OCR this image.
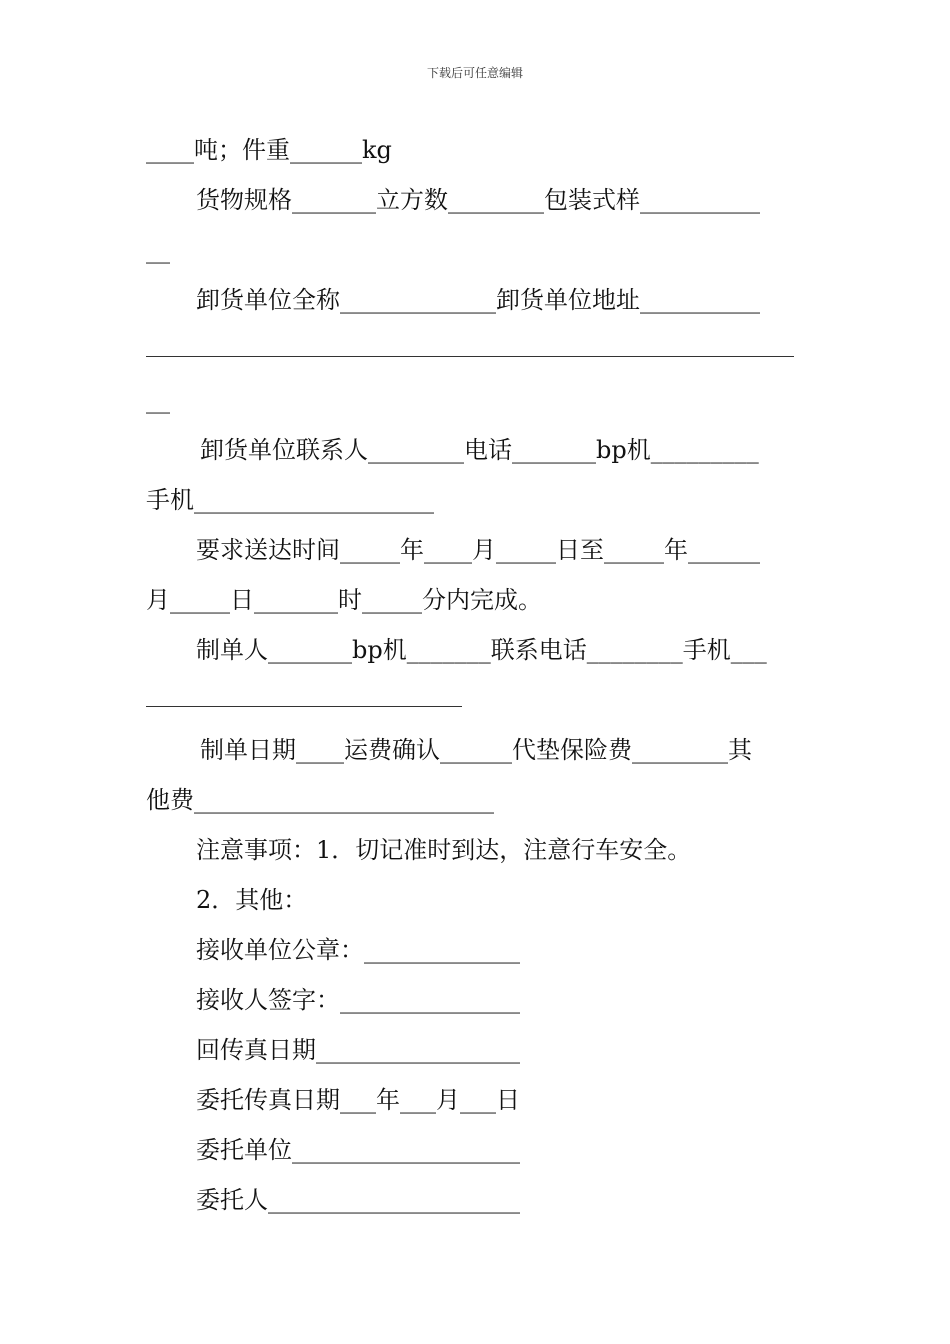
下载后可任意编辑
____吨；件重______kg
货物规格_______立方数________包装式样__________
__
卸货单位全称_____________卸货单位地址__________
__
卸货单位联系人________电话_______bp机_________
手机____________________
要求送达时间_____年____月_____日至_____年______
月_____日_______时_____分内完成。
制单人_______bp机_______联系电话________手机___
制单日期____运费确认______代垫保险费________其
他费_________________________
注意事项：1．切记准时到达，注意行车安全。
2．其他：
接收单位公章：_____________
接收人签字：_______________
回传真日期_________________
委托传真日期___年___月___日
委托单位___________________
委托人_____________________
